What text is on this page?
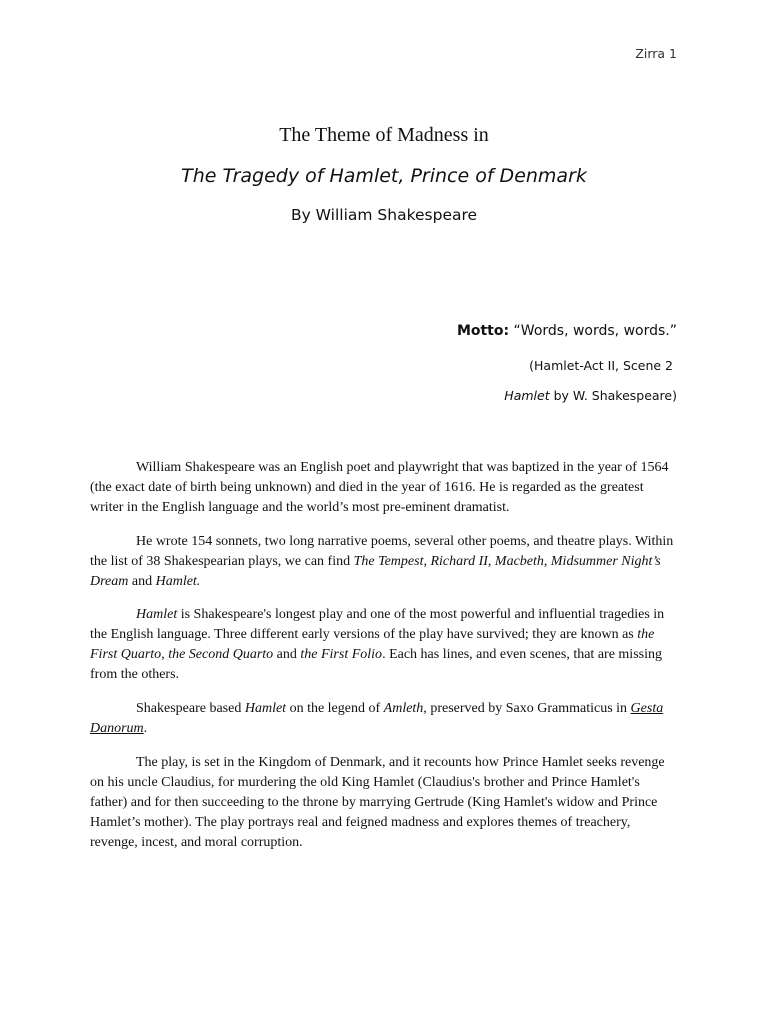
Zirra 1
The Theme of Madness in
The Tragedy of Hamlet, Prince of Denmark
By William Shakespeare
Motto: “Words, words, words.”
(Hamlet-Act II, Scene 2
Hamlet by W. Shakespeare)

William Shakespeare was an English poet and playwright that was baptized in the year of 1564 (the exact date of birth being unknown) and died in the year of 1616. He is regarded as the greatest writer in the English language and the world’s most pre-eminent dramatist.

He wrote 154 sonnets, two long narrative poems, several other poems, and theatre plays. Within the list of 38 Shakespearian plays, we can find The Tempest, Richard II, Macbeth, Midsummer Night’s Dream and Hamlet.

Hamlet is Shakespeare's longest play and one of the most powerful and influential tragedies in the English language. Three different early versions of the play have survived; they are known as the First Quarto, the Second Quarto and the First Folio. Each has lines, and even scenes, that are missing from the others.

Shakespeare based Hamlet on the legend of Amleth, preserved by Saxo Grammaticus in Gesta Danorum.

The play, is set in the Kingdom of Denmark, and it recounts how Prince Hamlet seeks revenge on his uncle Claudius, for murdering the old King Hamlet (Claudius's brother and Prince Hamlet's father) and for then succeeding to the throne by marrying Gertrude (King Hamlet's widow and Prince Hamlet’s mother). The play portrays real and feigned madness and explores themes of treachery, revenge, incest, and moral corruption.
